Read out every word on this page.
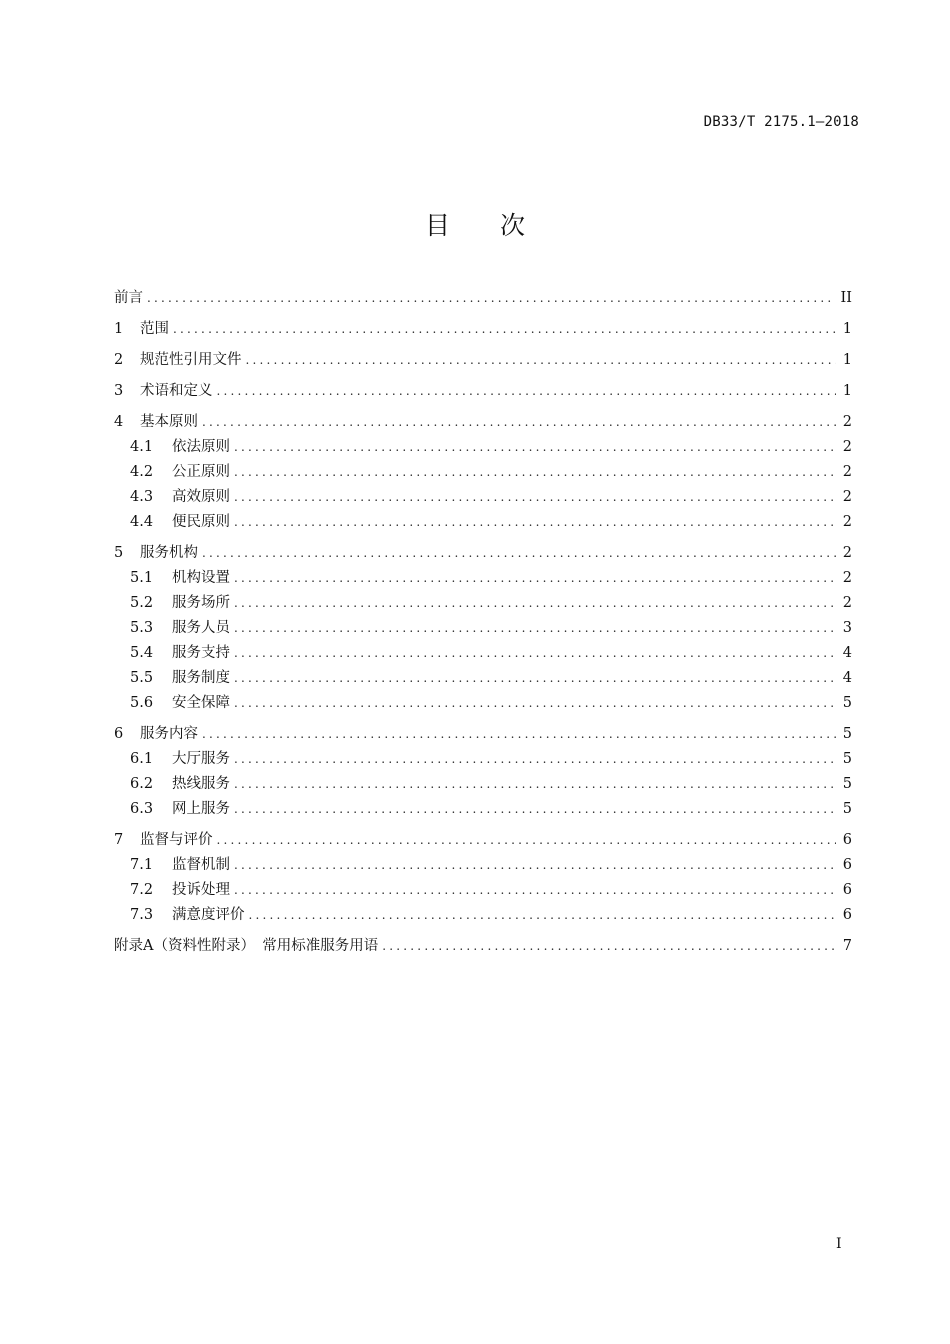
DB33/T 2175.1—2018
目 次
前言 .....	II
1	范围 .....	1
2	规范性引用文件 .....	1
3	术语和定义 .....	1
4	基本原则 .....	2
4.1	依法原则 .....	2
4.2	公正原则 .....	2
4.3	高效原则 .....	2
4.4	便民原则 .....	2
5	服务机构 .....	2
5.1	机构设置 .....	2
5.2	服务场所 .....	2
5.3	服务人员 .....	3
5.4	服务支持 .....	4
5.5	服务制度 .....	4
5.6	安全保障 .....	5
6	服务内容 .....	5
6.1	大厅服务 .....	5
6.2	热线服务 .....	5
6.3	网上服务 .....	5
7	监督与评价 .....	6
7.1	监督机制 .....	6
7.2	投诉处理 .....	6
7.3	满意度评价 .....	6
附录A（资料性附录）　常用标准服务用语 .....	7
I
